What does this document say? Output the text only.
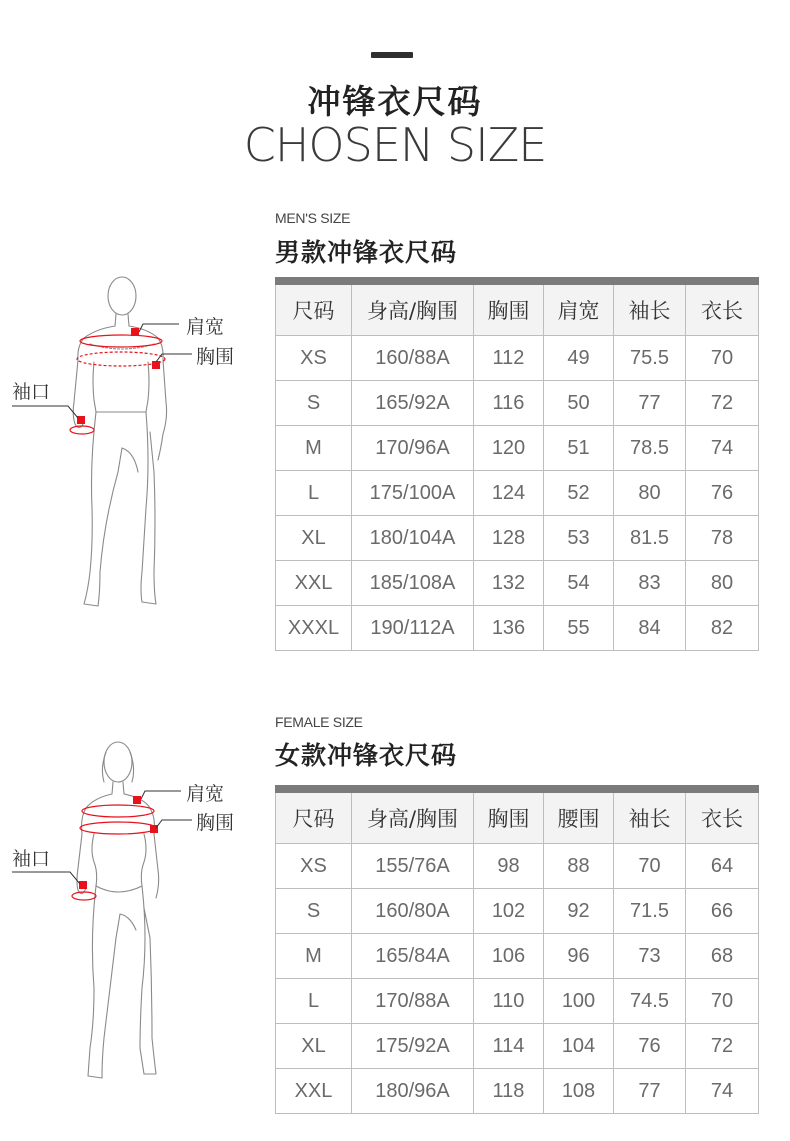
冲锋衣尺码
CHOSEN SIZE
MEN'S SIZE
男款冲锋衣尺码
肩宽
胸围
袖口
尺码	身高/胸围	胸围	肩宽	袖长	衣长
XS	160/88A	112	49	75.5	70
S	165/92A	116	50	77	72
M	170/96A	120	51	78.5	74
L	175/100A	124	52	80	76
XL	180/104A	128	53	81.5	78
XXL	185/108A	132	54	83	80
XXXL	190/112A	136	55	84	82
FEMALE SIZE
女款冲锋衣尺码
肩宽
胸围
袖口
尺码	身高/胸围	胸围	腰围	袖长	衣长
XS	155/76A	98	88	70	64
S	160/80A	102	92	71.5	66
M	165/84A	106	96	73	68
L	170/88A	110	100	74.5	70
XL	175/92A	114	104	76	72
XXL	180/96A	118	108	77	74
